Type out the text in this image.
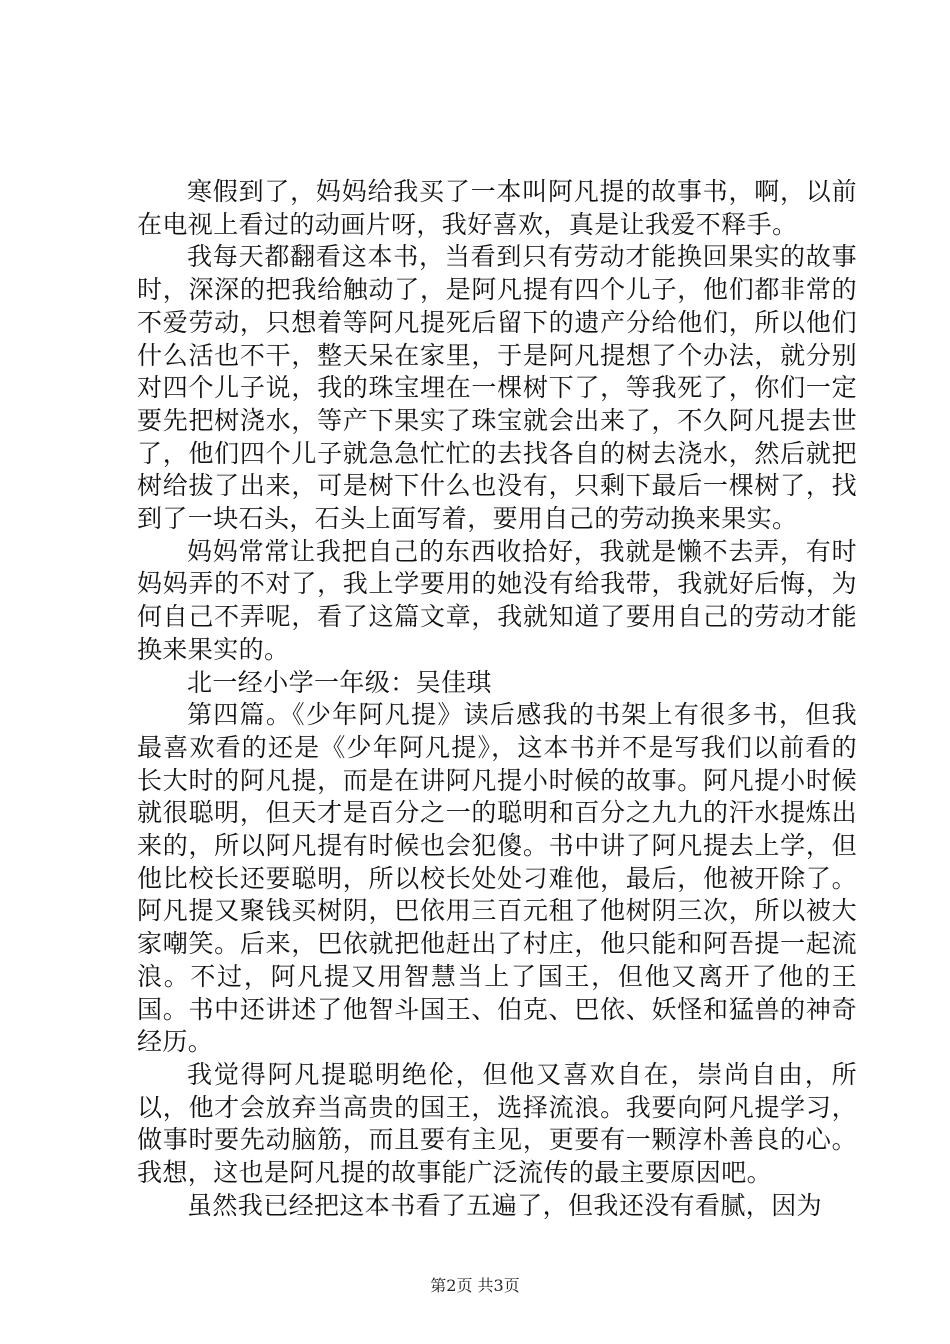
寒假到了，妈妈给我买了一本叫阿凡提的故事书，啊，以前在电视上看过的动画片呀，我好喜欢，真是让我爱不释手。

我每天都翻看这本书，当看到只有劳动才能换回果实的故事时，深深的把我给触动了，是阿凡提有四个儿子，他们都非常的不爱劳动，只想着等阿凡提死后留下的遗产分给他们，所以他们什么活也不干，整天呆在家里，于是阿凡提想了个办法，就分别对四个儿子说，我的珠宝埋在一棵树下了，等我死了，你们一定要先把树浇水，等产下果实了珠宝就会出来了，不久阿凡提去世了，他们四个儿子就急急忙忙的去找各自的树去浇水，然后就把树给拔了出来，可是树下什么也没有，只剩下最后一棵树了，找到了一块石头，石头上面写着，要用自己的劳动换来果实。

妈妈常常让我把自己的东西收拾好，我就是懒不去弄，有时妈妈弄的不对了，我上学要用的她没有给我带，我就好后悔，为何自己不弄呢，看了这篇文章，我就知道了要用自己的劳动才能换来果实的。

北一经小学一年级：吴佳琪

第四篇。《少年阿凡提》读后感我的书架上有很多书，但我最喜欢看的还是《少年阿凡提》，这本书并不是写我们以前看的长大时的阿凡提，而是在讲阿凡提小时候的故事。阿凡提小时候就很聪明，但天才是百分之一的聪明和百分之九九的汗水提炼出来的，所以阿凡提有时候也会犯傻。书中讲了阿凡提去上学，但他比校长还要聪明，所以校长处处刁难他，最后，他被开除了。阿凡提又聚钱买树阴，巴依用三百元租了他树阴三次，所以被大家嘲笑。后来，巴依就把他赶出了村庄，他只能和阿吾提一起流浪。不过，阿凡提又用智慧当上了国王，但他又离开了他的王国。书中还讲述了他智斗国王、伯克、巴依、妖怪和猛兽的神奇经历。

我觉得阿凡提聪明绝伦，但他又喜欢自在，崇尚自由，所以，他才会放弃当高贵的国王，选择流浪。我要向阿凡提学习，做事时要先动脑筋，而且要有主见，更要有一颗淳朴善良的心。我想，这也是阿凡提的故事能广泛流传的最主要原因吧。

虽然我已经把这本书看了五遍了，但我还没有看腻，因为

第2页 共3页
